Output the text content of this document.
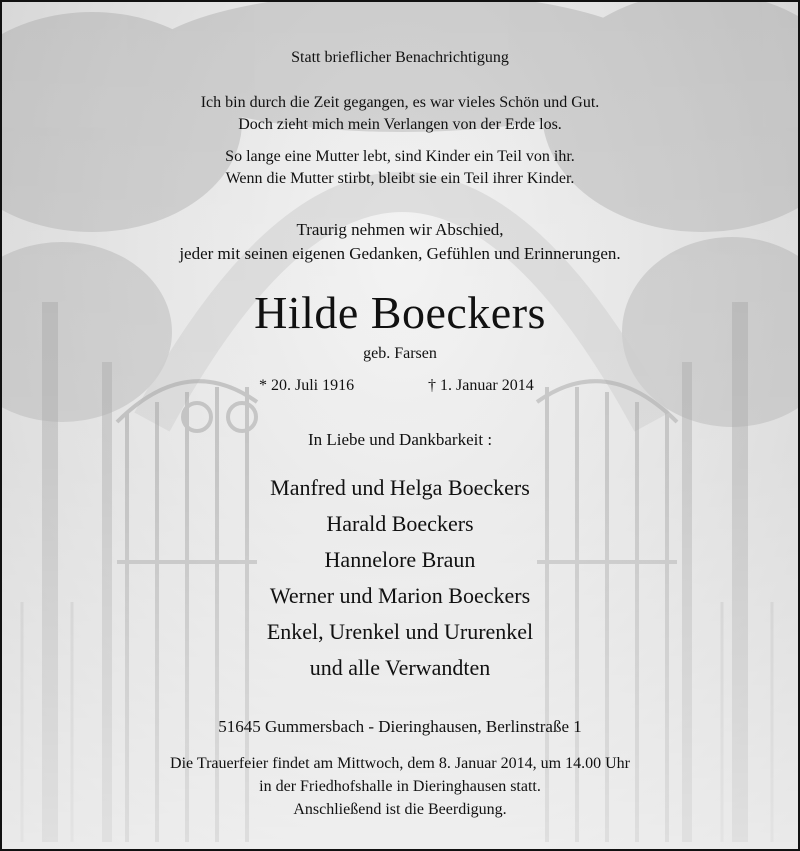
Statt brieflicher Benachrichtigung
Ich bin durch die Zeit gegangen, es war vieles Schön und Gut.
Doch zieht mich mein Verlangen von der Erde los.
So lange eine Mutter lebt, sind Kinder ein Teil von ihr.
Wenn die Mutter stirbt, bleibt sie ein Teil ihrer Kinder.
Traurig nehmen wir Abschied,
jeder mit seinen eigenen Gedanken, Gefühlen und Erinnerungen.
Hilde Boeckers
geb. Farsen
* 20. Juli 1916	† 1. Januar 2014
In Liebe und Dankbarkeit :
Manfred und Helga Boeckers
Harald Boeckers
Hannelore Braun
Werner und Marion Boeckers
Enkel, Urenkel und Ururenkel
und alle Verwandten
51645 Gummersbach - Dieringhausen, Berlinstraße 1
Die Trauerfeier findet am Mittwoch, dem 8. Januar 2014, um 14.00 Uhr
in der Friedhofshalle in Dieringhausen statt.
Anschließend ist die Beerdigung.
